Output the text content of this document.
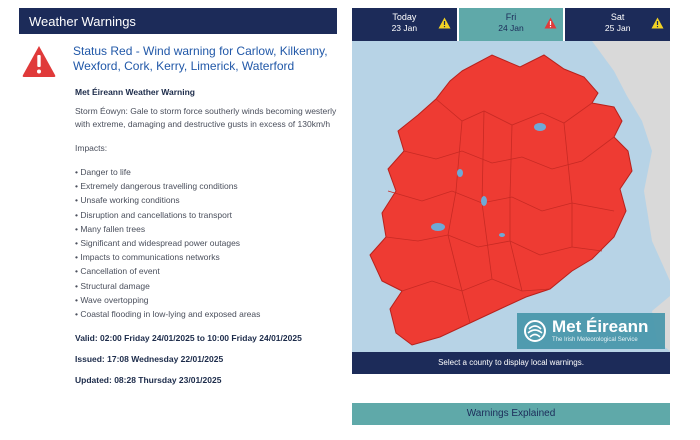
Weather Warnings
Status Red - Wind warning for Carlow, Kilkenny, Wexford, Cork, Kerry, Limerick, Waterford
Met Éireann Weather Warning
Storm Éowyn: Gale to storm force southerly winds becoming westerly with extreme, damaging and destructive gusts in excess of 130km/h
Impacts:
• Danger to life
• Extremely dangerous travelling conditions
• Unsafe working conditions
• Disruption and cancellations to transport
• Many fallen trees
• Significant and widespread power outages
• Impacts to communications networks
• Cancellation of event
• Structural damage
• Wave overtopping
• Coastal flooding in low-lying and exposed areas
Valid: 02:00 Friday 24/01/2025 to 10:00 Friday 24/01/2025
Issued: 17:08 Wednesday 22/01/2025
Updated: 08:28 Thursday 23/01/2025
Today
23 Jan
Fri
24 Jan
Sat
25 Jan
Met Éireann
The Irish Meteorological Service
Select a county to display local warnings.
Warnings Explained
